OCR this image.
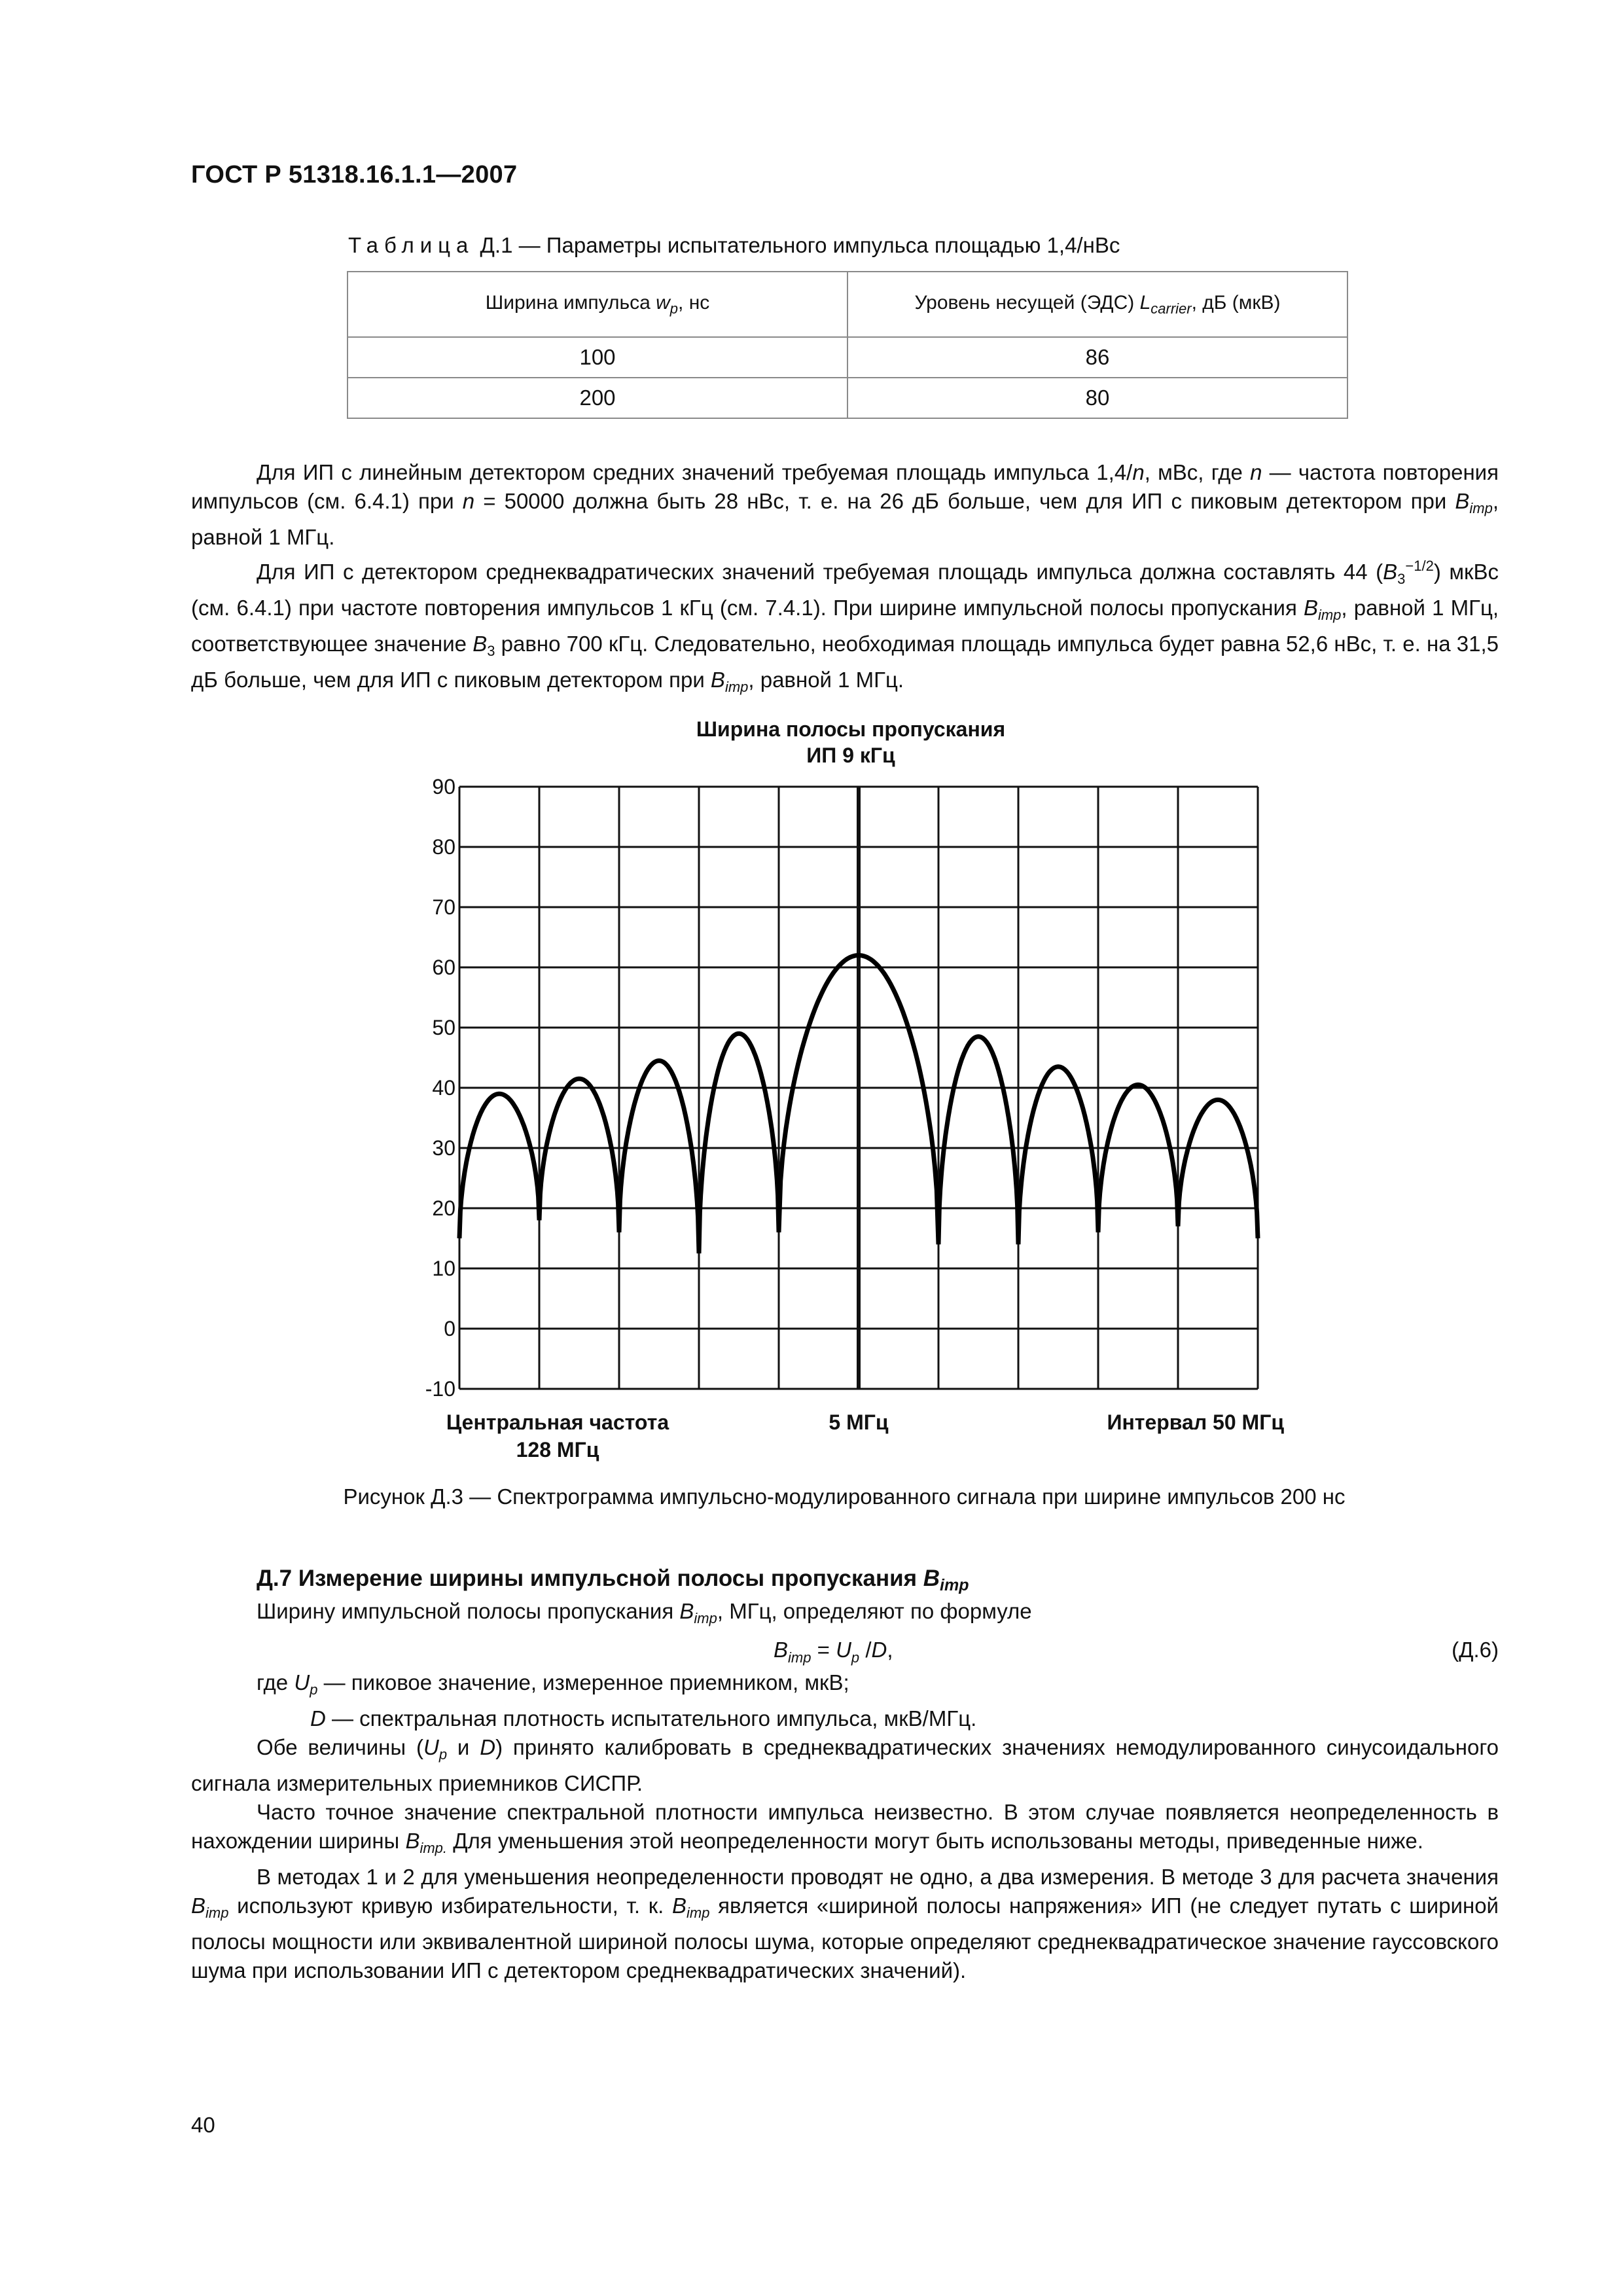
ГОСТ Р 51318.16.1.1—2007
Таблица Д.1 — Параметры испытательного импульса площадью 1,4/нВс
Ширина импульса $w_p$, нс	Уровень несущей (ЭДС) $L_{carrier}$, дБ (мкВ)
100	86
200	80

Для ИП с линейным детектором средних значений требуемая площадь импульса 1,4/n, мВс, где n — частота повторения импульсов (см. 6.4.1) при n = 50000 должна быть 28 нВс, т. е. на 26 дБ больше, чем для ИП с пиковым детектором при $B_{imp}$, равной 1 МГц.

Для ИП с детектором среднеквадратических значений требуемая площадь импульса должна составлять 44 $(B_3^{-1/2})$ мкВс (см. 6.4.1) при частоте повторения импульсов 1 кГц (см. 7.4.1). При ширине импульсной полосы пропускания $B_{imp}$, равной 1 МГц, соответствующее значение $B_3$ равно 700 кГц. Следовательно, необходимая площадь импульса будет равна 52,6 нВс, т. е. на 31,5 дБ больше, чем для ИП с пиковым детектором при $B_{imp}$, равной 1 МГц.

Ширина полосы пропускания
ИП 9 кГц
90
80
70
60
50
40
30
20
10
0
-10
Центральная частота
128 МГц
5 МГц	Интервал 50 МГц
Рисунок Д.3 — Спектрограмма импульсно-модулированного сигнала при ширине импульсов 200 нс
Д.7 Измерение ширины импульсной полосы пропускания $B_{imp}$

Ширину импульсной полосы пропускания $B_{imp}$, МГц, определяют по формуле

$B_{imp} = U_p$ /D,	(Д.6)

где $U_p$ — пиковое значение, измеренное приемником, мкВ;

D — спектральная плотность испытательного импульса, мкВ/МГц.

Обе величины ($U_p$ и D) принято калибровать в среднеквадратических значениях немодулированного синусоидального сигнала измерительных приемников СИСПР.

Часто точное значение спектральной плотности импульса неизвестно. В этом случае появляется неопределенность в нахождении ширины $B_{imp.}$ Для уменьшения этой неопределенности могут быть использованы методы, приведенные ниже.

В методах 1 и 2 для уменьшения неопределенности проводят не одно, а два измерения. В методе 3 для расчета значения $B_{imp}$ используют кривую избирательности, т. к. $B_{imp}$ является «шириной полосы напряжения» ИП (не следует путать с шириной полосы мощности или эквивалентной шириной полосы шума, которые определяют среднеквадратическое значение гауссовского шума при использовании ИП с детектором среднеквадратических значений).

40
